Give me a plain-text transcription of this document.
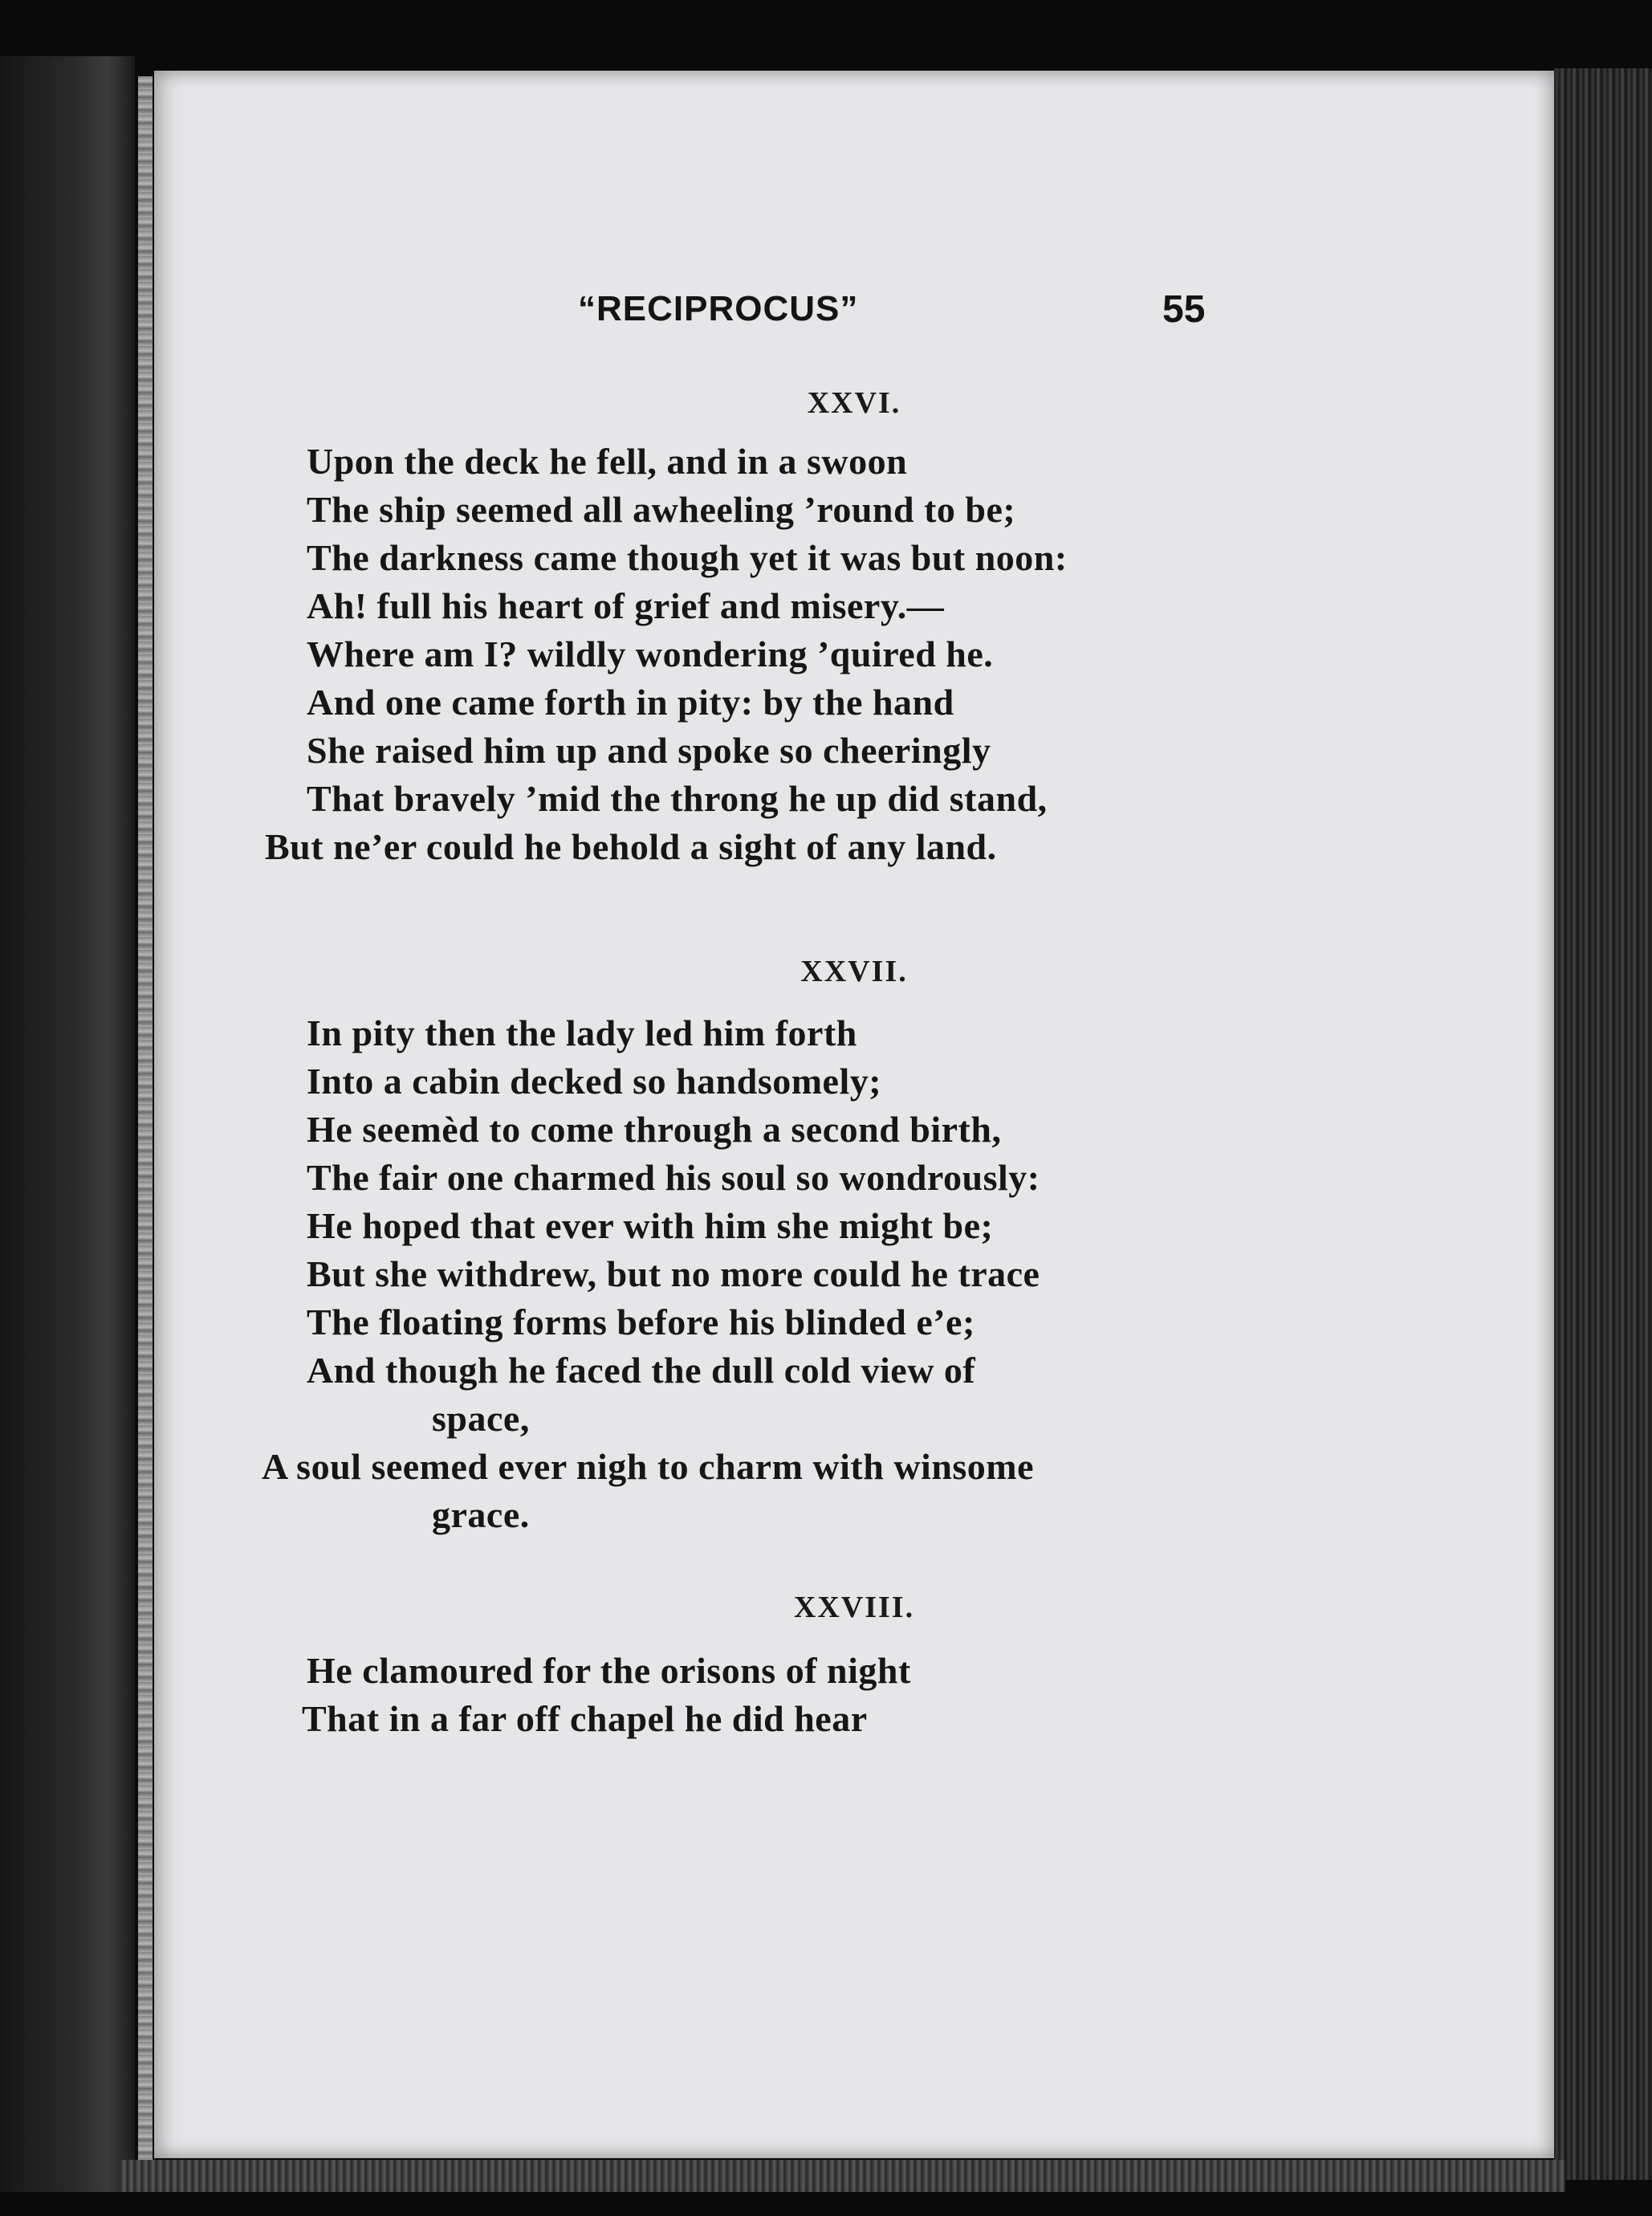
“RECIPROCUS”	55
XXVI.
Upon the deck he fell, and in a swoon
The ship seemed all awheeling ’round to be;
The darkness came though yet it was but noon:
Ah! full his heart of grief and misery.—
Where am I? wildly wondering ’quired he.
And one came forth in pity: by the hand
She raised him up and spoke so cheeringly
That bravely ’mid the throng he up did stand,
But ne’er could he behold a sight of any land.
XXVII.
In pity then the lady led him forth
Into a cabin decked so handsomely;
He seemèd to come through a second birth,
The fair one charmed his soul so wondrously:
He hoped that ever with him she might be;
But she withdrew, but no more could he trace
The floating forms before his blinded e’e;
And though he faced the dull cold view of
space,
A soul seemed ever nigh to charm with winsome
grace.
XXVIII.
He clamoured for the orisons of night
That in a far off chapel he did hear
